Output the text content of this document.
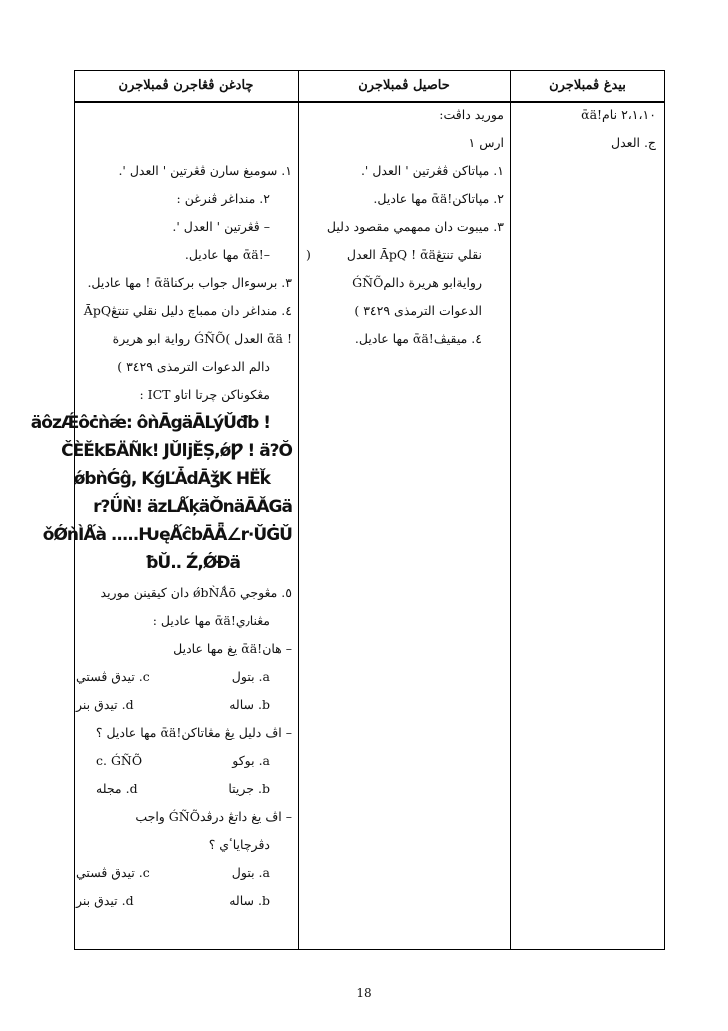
بيدغ ڤمبلاجرن
حاصيل ڤمبلاجرن
چادغن ڤڠاجرن ڤمبلاجرن
٢،١،١٠ نام!ᾱä
ج. العدل
موريد داڤت:
ارس ١
١. مڽاتاکن ڤڠرتين ' العدل '.
٢. مڽاتاکن!ᾱä مها عاديل.
٣. ميبوت دان ممهمي مقصود دليل
نقلي تنتڠĀpQ ! ᾱä العدل
(
روايةابو هريرة دالمǴÑÕ
الدعوات الترمذى ٣٤٢٩ )
٤. ميقيڤ!ᾱä مها عاديل.
١. سومبغ سارن ڤڠرتين ' العدل '.
٢. منداغر ڤنرغن :
– ڤڠرتين ' العدل '.
–!ᾱä مها عاديل.
٣. برسوءال جواب برکناᾱä ! مها عاديل.
٤. منداغر دان ممباچ دليل نقلي تنتڠĀpQ
! ᾱä العدل )ǴÑÕ رواية ابو هريرة
دالم الدعوات الترمذى ٣٤٢٩ )
مڠکوناکن چرتا اتاو ICT :
! äôzǼôċǹǽ: ôǹĀgäĀLýǓđb
ČÈĔkБÄÑk! JǓǉĔȘ,ǿǷ ! ä?Ŏ
ǿbǹǴĝ, KǵĽǠdĀǯK HËǩ
r?ǗǸ! äzLǺķäǑnäĀǍGä
ǒǾǹÌǺà .....ǶęǺĉbĀǞ∠r∙ǓĠǓ
ƀǓ.. Ź,ǾĐä
٥. مڠوجي ǿbǸǺō دان کيقينن موريد
مڠنا٫ي!ᾱä مها عاديل :
– هان!ᾱä يغ مها عاديل
a. بتول
c. تيدق ڤستي
b. ساله
d. تيدق بنر
– اڤ دليل يڠ مڠاتاکن!ᾱä مها عاديل ؟
a. بوکو
c. ǴÑÕ
b. جريتا
d. مجله
– اڤ يغ داتڠ درڤدǴÑÕ واجب
دڤرچاياٴي ؟
a. بتول
c. تيدق ڤستي
b. ساله
d. تيدق بنر
18
